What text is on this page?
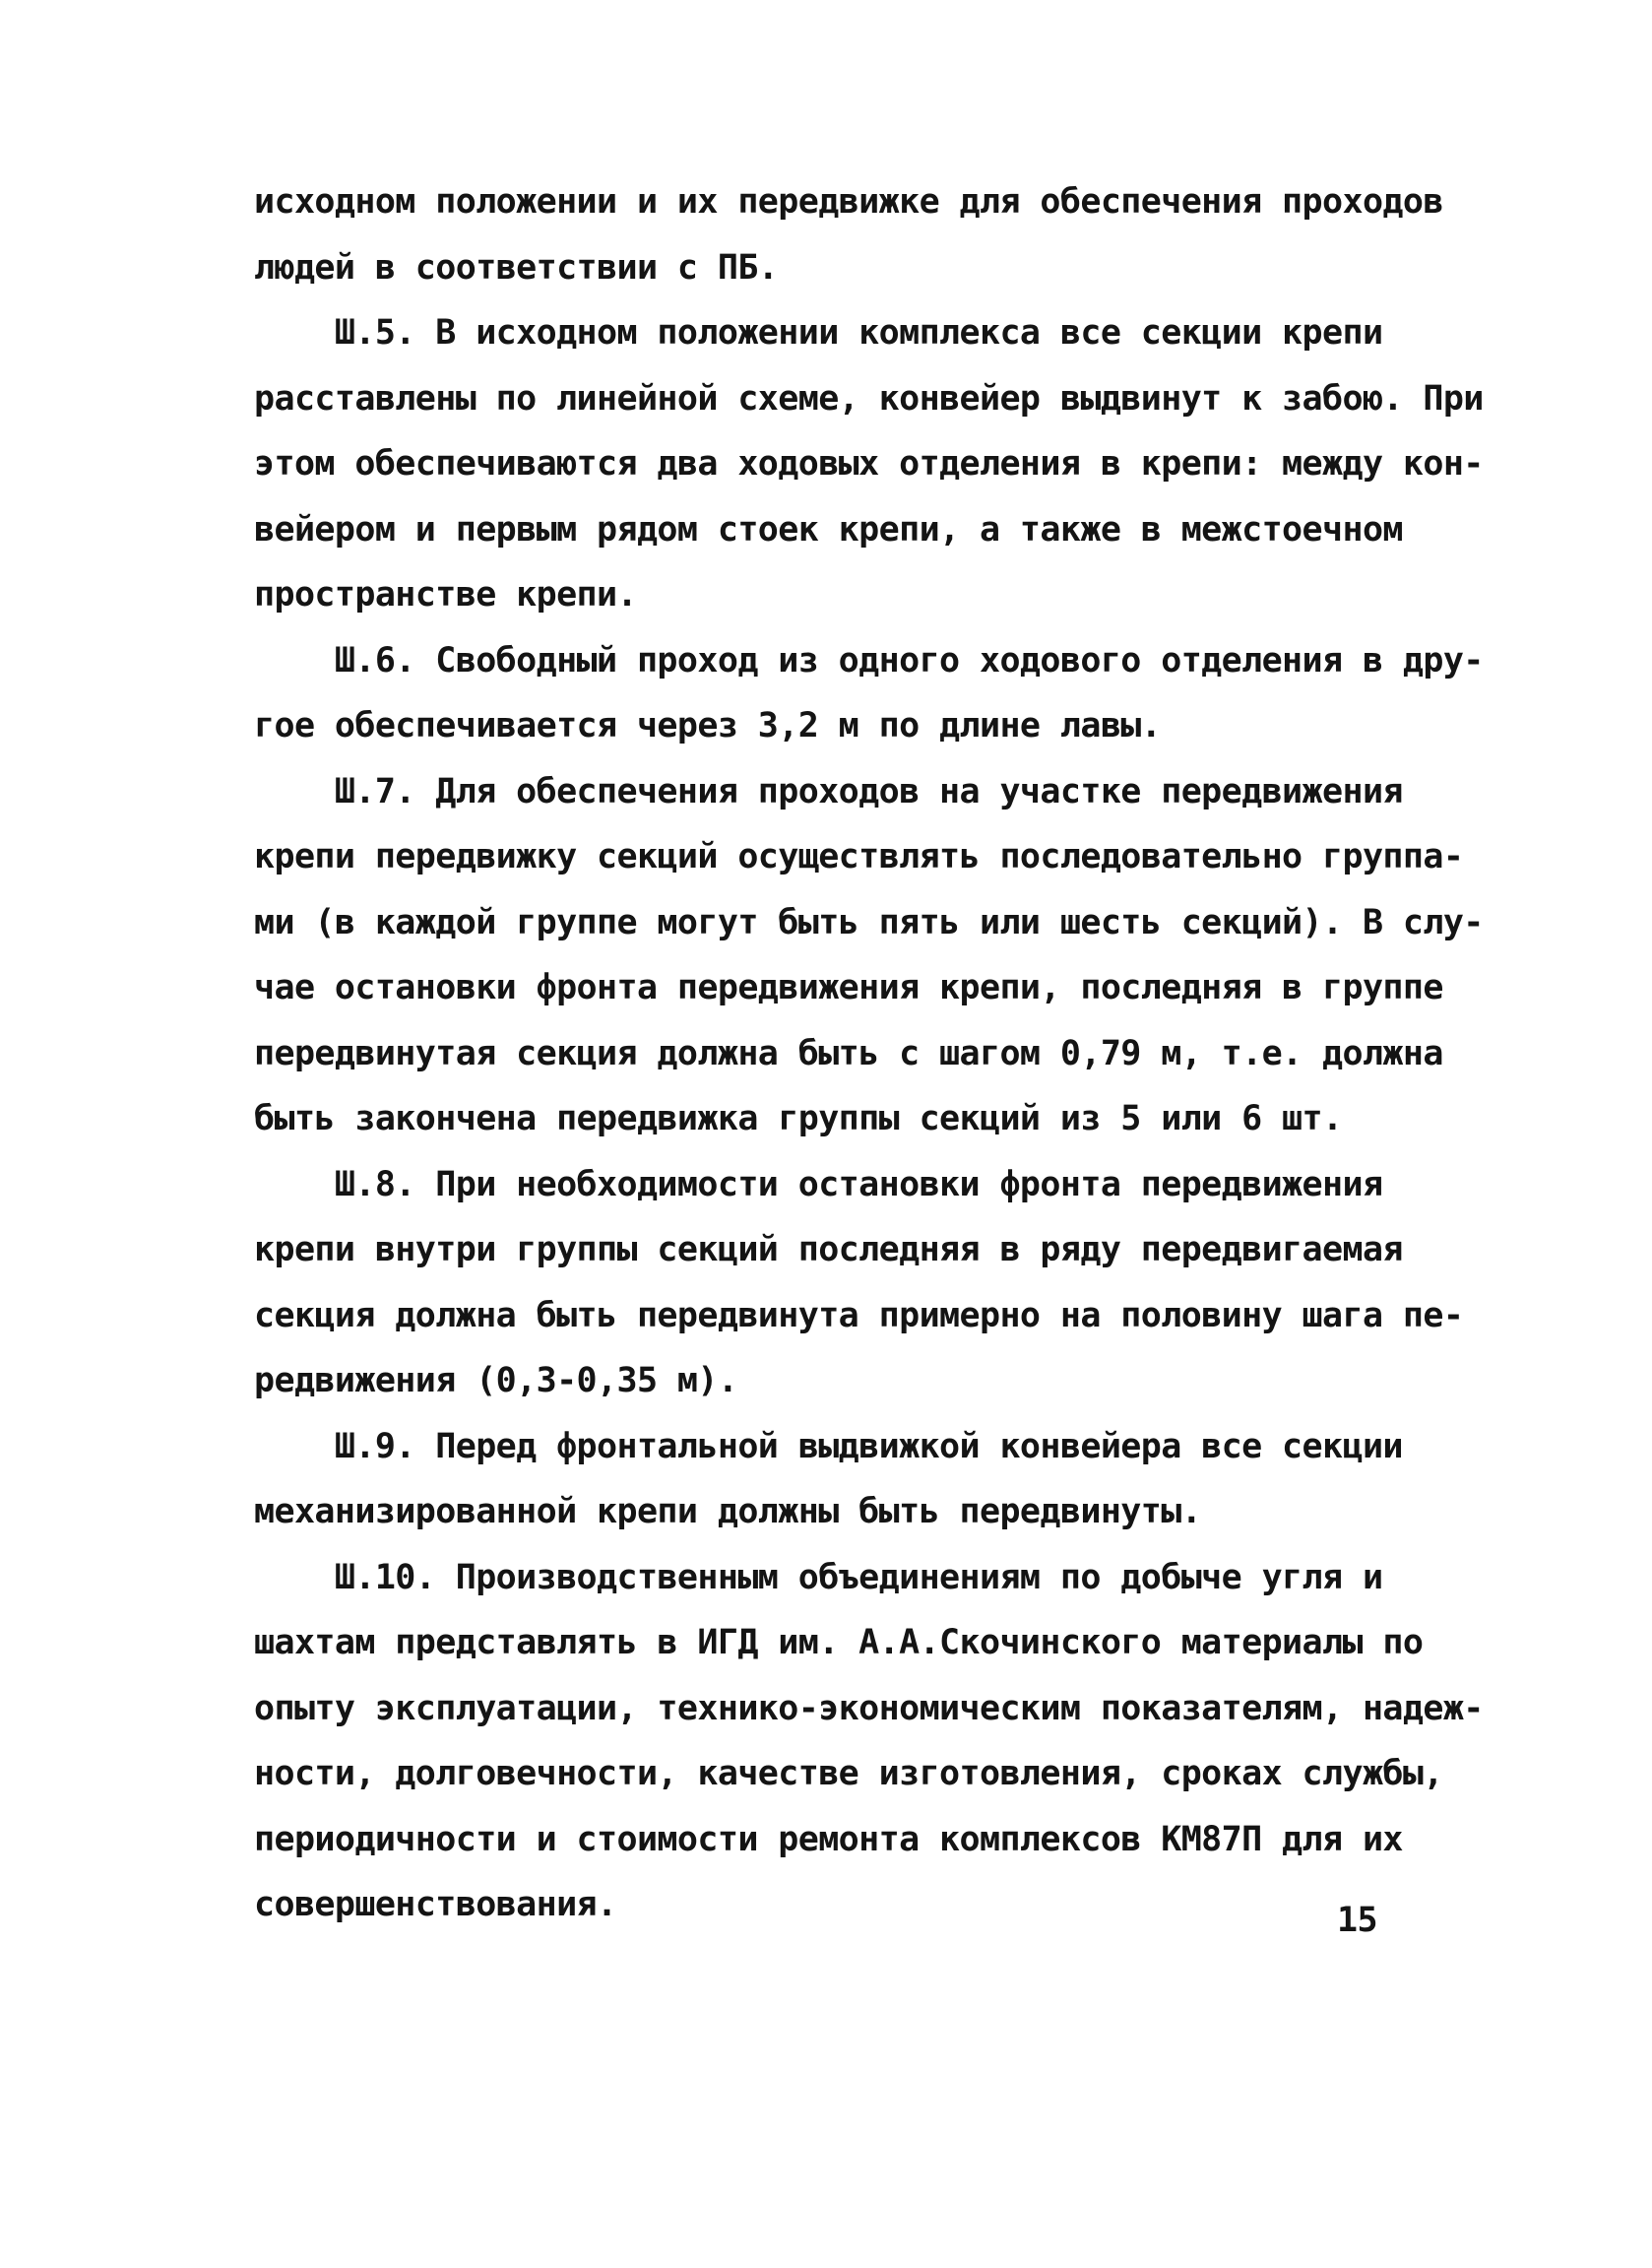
исходном положении и их передвижке для обеспечения проходов
людей в соответствии с ПБ.
Ш.5. В исходном положении комплекса все секции крепи
расставлены по линейной схеме, конвейер выдвинут к забою. При
этом обеспечиваются два ходовых отделения в крепи: между кон-
вейером и первым рядом стоек крепи, а также в межстоечном
пространстве крепи.
Ш.6. Свободный проход из одного ходового отделения в дру-
гое обеспечивается через 3,2 м по длине лавы.
Ш.7. Для обеспечения проходов на участке передвижения
крепи передвижку секций осуществлять последовательно группа-
ми (в каждой группе могут быть пять или шесть секций). В слу-
чае остановки фронта передвижения крепи, последняя в группе
передвинутая секция должна быть с шагом 0,79 м, т.е. должна
быть закончена передвижка группы секций из 5 или 6 шт.
Ш.8. При необходимости остановки фронта передвижения
крепи внутри группы секций последняя в ряду передвигаемая
секция должна быть передвинута примерно на половину шага пе-
редвижения (0,3-0,35 м).
Ш.9. Перед фронтальной выдвижкой конвейера все секции
механизированной крепи должны быть передвинуты.
Ш.10. Производственным объединениям по добыче угля и
шахтам представлять в ИГД им. А.А.Скочинского материалы по
опыту эксплуатации, технико-экономическим показателям, надеж-
ности, долговечности, качестве изготовления, сроках службы,
периодичности и стоимости ремонта комплексов КМ87П для их
совершенствования.	15
